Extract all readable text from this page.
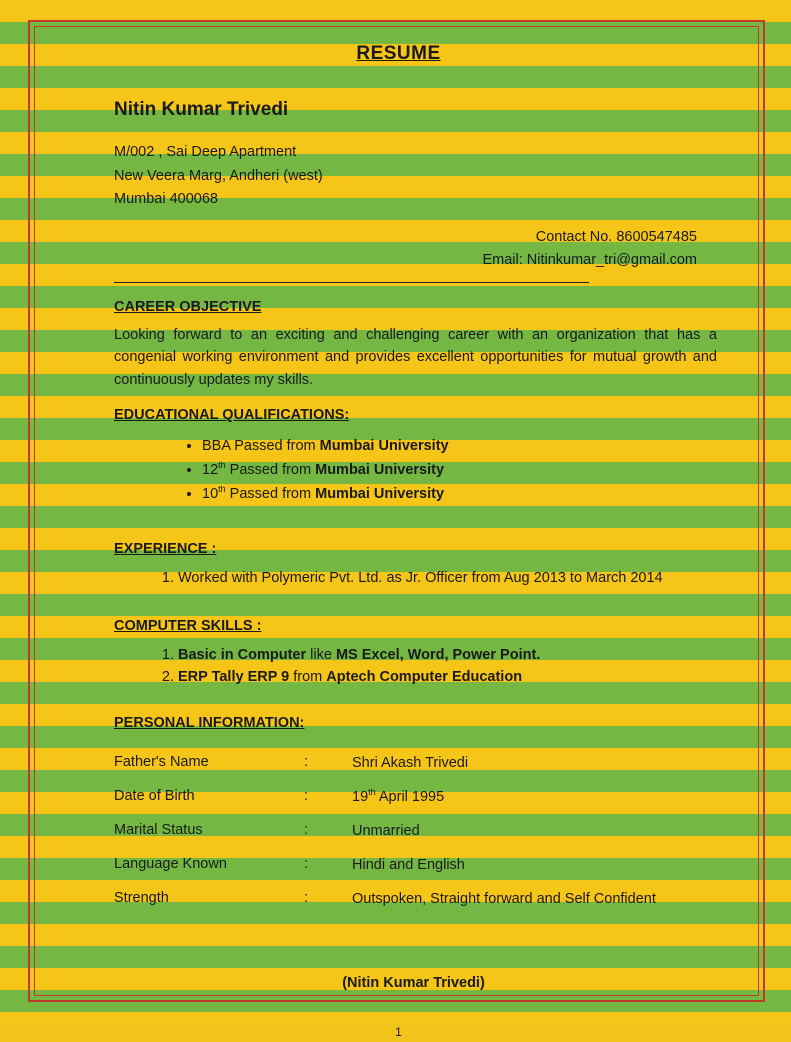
RESUME
Nitin Kumar Trivedi
M/002 , Sai Deep Apartment
New Veera Marg, Andheri (west)
Mumbai 400068
Contact No. 8600547485
Email: Nitinkumar_tri@gmail.com
CAREER OBJECTIVE
Looking forward to an exciting and challenging career with an organization that has a congenial working environment and provides excellent opportunities for mutual growth and continuously updates my skills.
EDUCATIONAL QUALIFICATIONS:
• BBA Passed from Mumbai University
• 12th Passed from Mumbai University
• 10th Passed from Mumbai University
EXPERIENCE :
1. Worked with Polymeric Pvt. Ltd. as Jr. Officer from Aug 2013 to March 2014
COMPUTER SKILLS :
1. Basic in Computer like MS Excel, Word, Power Point.
2. ERP Tally ERP 9 from Aptech Computer Education
PERSONAL INFORMATION:
Father's Name	:	Shri Akash Trivedi
Date of Birth	:	19th April 1995
Marital Status	:	Unmarried
Language Known	:	Hindi and English
Strength	:	Outspoken, Straight forward and Self Confident
(Nitin Kumar Trivedi)
1
